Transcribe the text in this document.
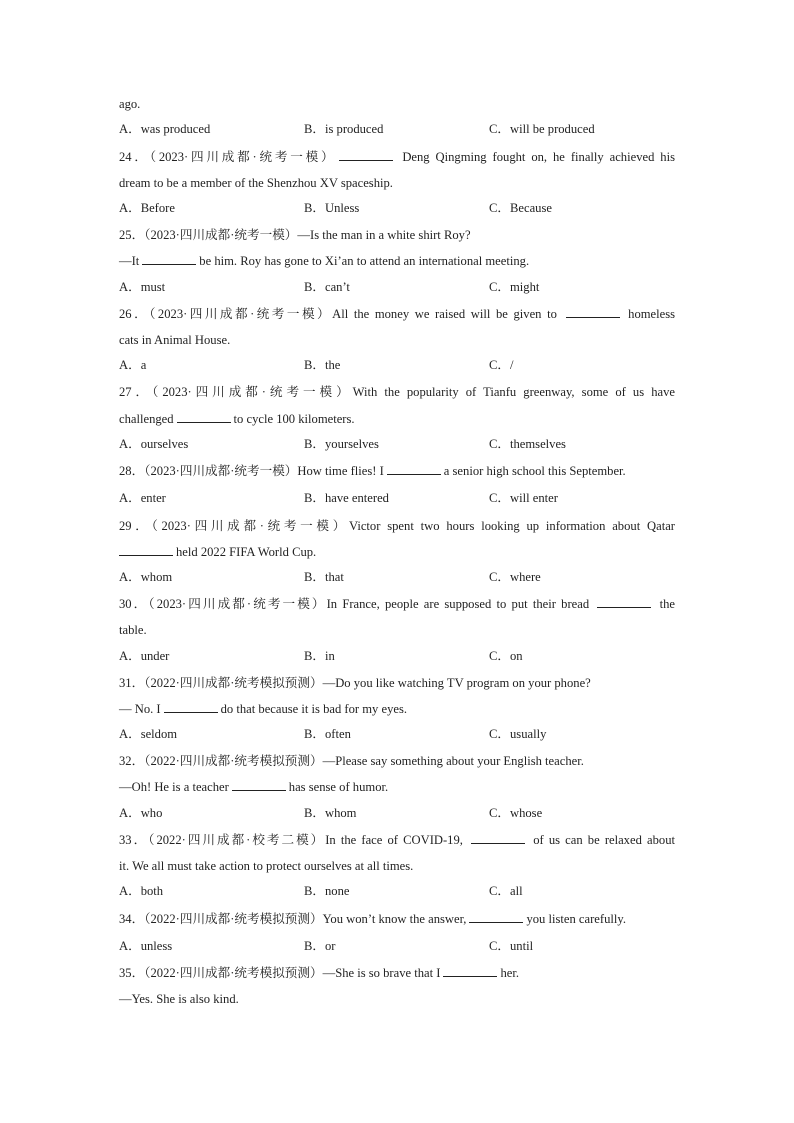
ago.
A．was produced	B．is produced	C．will be produced
24．（2023·四川成都·统考一模）	Deng Qingming fought on, he finally achieved his
dream to be a member of the Shenzhou XV spaceship.
A．Before	B．Unless	C．Because
25．（2023·四川成都·统考一模）—Is the man in a white shirt Roy?
—It	be him. Roy has gone to Xi’an to attend an international meeting.
A．must	B．can’t	C．might
26．（2023·四川成都·统考一模）All the money we raised will be given to	homeless
cats in Animal House.
A．a	B．the	C．/
27．（2023·四川成都·统考一模）With the popularity of Tianfu greenway, some of us have
challenged	to cycle 100 kilometers.
A．ourselves	B．yourselves	C．themselves
28．（2023·四川成都·统考一模）How time flies! I	a senior high school this September.
A．enter	B．have entered	C．will enter
29．（2023·四川成都·统考一模）Victor spent two hours looking up information about Qatar
held 2022 FIFA World Cup.
A．whom	B．that	C．where
30．（2023·四川成都·统考一模）In France, people are supposed to put their bread	the
table.
A．under	B．in	C．on
31．（2022·四川成都·统考模拟预测）—Do you like watching TV program on your phone?
— No. I	do that because it is bad for my eyes.
A．seldom	B．often	C．usually
32．（2022·四川成都·统考模拟预测）—Please say something about your English teacher.
—Oh! He is a teacher	has sense of humor.
A．who	B．whom	C．whose
33．（2022·四川成都·校考二模）In the face of COVID-19,	of us can be relaxed about
it. We all must take action to protect ourselves at all times.
A．both	B．none	C．all
34．（2022·四川成都·统考模拟预测）You won’t know the answer,	you listen carefully.
A．unless	B．or	C．until
35．（2022·四川成都·统考模拟预测）—She is so brave that I	her.
—Yes. She is also kind.
